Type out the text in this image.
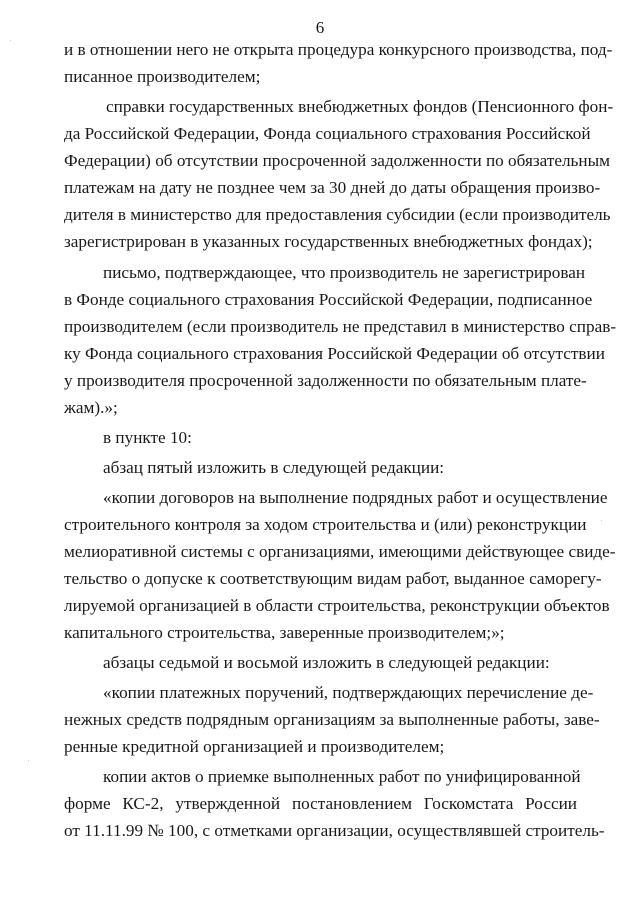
6
и в отношении него не открыта процедура конкурсного производства, под-
писанное производителем;
справки государственных внебюджетных фондов (Пенсионного фон-
да Российской Федерации, Фонда социального страхования Российской
Федерации) об отсутствии просроченной задолженности по обязательным
платежам на дату не позднее чем за 30 дней до даты обращения произво-
дителя в министерство для предоставления субсидии (если производитель
зарегистрирован в указанных государственных внебюджетных фондах);
письмо, подтверждающее, что производитель не зарегистрирован
в Фонде социального страхования Российской Федерации, подписанное
производителем (если производитель не представил в министерство справ-
ку Фонда социального страхования Российской Федерации об отсутствии
у производителя просроченной задолженности по обязательным плате-
жам).»;
в пункте 10:
абзац пятый изложить в следующей редакции:
«копии договоров на выполнение подрядных работ и осуществление
строительного контроля за ходом строительства и (или) реконструкции
мелиоративной системы с организациями, имеющими действующее свиде-
тельство о допуске к соответствующим видам работ, выданное саморегу-
лируемой организацией в области строительства, реконструкции объектов
капитального строительства, заверенные производителем;»;
абзацы седьмой и восьмой изложить в следующей редакции:
«копии платежных поручений, подтверждающих перечисление де-
нежных средств подрядным организациям за выполненные работы, заве-
ренные кредитной организацией и производителем;
копии актов о приемке выполненных работ по унифицированной
форме КС-2, утвержденной постановлением Госкомстата России
от 11.11.99 № 100, с отметками организации, осуществлявшей строитель-
